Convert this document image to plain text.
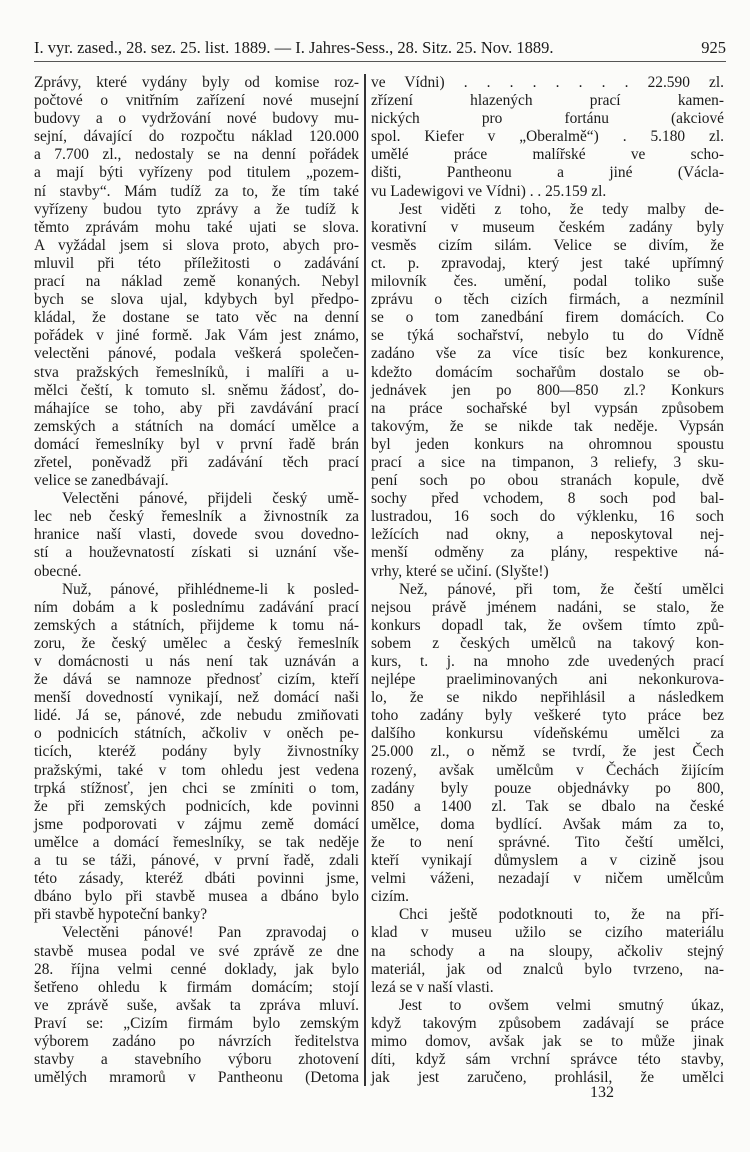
I. vyr. zased., 28. sez. 25. list. 1889. — I. Jahres-Sess., 28. Sitz. 25. Nov. 1889.	925
Zprávy, které vydány byly od komise roz-
počtové o vnitřním zařízení nové musejní
budovy a o vydržování nové budovy mu-
sejní, dávající do rozpočtu náklad 120.000
a 7.700 zl., nedostaly se na denní pořádek
a mají býti vyřízeny pod titulem „pozem-
ní stavby“. Mám tudíž za to, že tím také
vyřízeny budou tyto zprávy a že tudíž k
těmto zprávám mohu také ujati se slova.
A vyžádal jsem si slova proto, abych pro-
mluvil při této příležitosti o zadávání
prací na náklad země konaných. Nebyl
bych se slova ujal, kdybych byl předpo-
kládal, že dostane se tato věc na denní
pořádek v jiné formě. Jak Vám jest známo,
velectěni pánové, podala veškerá společen-
stva pražských řemeslníků, i malíři a u-
mělci čeští, k tomuto sl. sněmu žádosť, do-
máhajíce se toho, aby při zavdávání prací
zemských a státních na domácí umělce a
domácí řemeslníky byl v první řadě brán
zřetel, poněvadž při zadávání těch prací
velice se zanedbávají.
Velectěni pánové, přijdeli český umě-
lec neb český řemeslník a živnostník za
hranice naší vlasti, dovede svou dovedno-
stí a houževnatostí získati si uznání vše-
obecné.
Nuž, pánové, přihlédneme-li k posled-
ním dobám a k poslednímu zadávání prací
zemských a státních, přijdeme k tomu ná-
zoru, že český umělec a český řemeslník
v domácnosti u nás není tak uznáván a
že dává se namnoze přednosť cizím, kteří
menší dovedností vynikají, než domácí naši
lidé. Já se, pánové, zde nebudu zmiňovati
o podnicích státních, ačkoliv v oněch pe-
ticích, kteréž podány byly živnostníky
pražskými, také v tom ohledu jest vedena
trpká stížnosť, jen chci se zmíniti o tom,
že při zemských podnicích, kde povinni
jsme podporovati v zájmu země domácí
umělce a domácí řemeslníky, se tak neděje
a tu se táži, pánové, v první řadě, zdali
této zásady, kteréž dbáti povinni jsme,
dbáno bylo při stavbě musea a dbáno bylo
při stavbě hypoteční banky?
Velectěni pánové! Pan zpravodaj o
stavbě musea podal ve své zprávě ze dne
28. října velmi cenné doklady, jak bylo
šetřeno ohledu k firmám domácím; stojí
ve zprávě suše, avšak ta zpráva mluví.
Praví se: „Cizím firmám bylo zemským
výborem zadáno po návrzích ředitelstva
stavby a stavebního výboru zhotovení
umělých mramorů v Pantheonu (Detoma
ve Vídni) . . . . . . . . 22.590 zl.
zřízení hlazených prací kamen-
nických pro fortánu (akciové
spol. Kiefer v „Oberalmě“) . 5.180 zl.
umělé práce malířské ve scho-
dišti, Pantheonu a jiné (Václa-
vu Ladewigovi ve Vídni) . . 25.159 zl.
Jest viděti z toho, že tedy malby de-
korativní v museum českém zadány byly
vesměs cizím silám. Velice se divím, že
ct. p. zpravodaj, který jest také upřímný
milovník čes. umění, podal toliko suše
zprávu o těch cizích firmách, a nezmínil
se o tom zanedbání firem domácích. Co
se týká sochařství, nebylo tu do Vídně
zadáno vše za více tisíc bez konkurence,
kdežto domácím sochařům dostalo se ob-
jednávek jen po 800—850 zl.? Konkurs
na práce sochařské byl vypsán způsobem
takovým, že se nikde tak neděje. Vypsán
byl jeden konkurs na ohromnou spoustu
prací a sice na timpanon, 3 reliefy, 3 sku-
pení soch po obou stranách kopule, dvě
sochy před vchodem, 8 soch pod bal-
lustradou, 16 soch do výklenku, 16 soch
ležících nad okny, a neposkytoval nej-
menší odměny za plány, respektive ná-
vrhy, které se učiní. (Slyšte!)
Než, pánové, při tom, že čeští umělci
nejsou právě jménem nadáni, se stalo, že
konkurs dopadl tak, že ovšem tímto způ-
sobem z českých umělců na takový kon-
kurs, t. j. na mnoho zde uvedených prací
nejlépe praeliminovaných ani nekonkurova-
lo, že se nikdo nepřihlásil a následkem
toho zadány byly veškeré tyto práce bez
dalšího konkursu vídeňskému umělci za
25.000 zl., o němž se tvrdí, že jest Čech
rozený, avšak umělcům v Čechách žijícím
zadány byly pouze objednávky po 800,
850 a 1400 zl. Tak se dbalo na české
umělce, doma bydlící. Avšak mám za to,
že to není správné. Tito čeští umělci,
kteří vynikají důmyslem a v cizině jsou
velmi váženi, nezadají v ničem umělcům
cizím.
Chci ještě podotknouti to, že na pří-
klad v museu užilo se cizího materiálu
na schody a na sloupy, ačkoliv stejný
materiál, jak od znalců bylo tvrzeno, na-
lezá se v naší vlasti.
Jest to ovšem velmi smutný úkaz,
když takovým způsobem zadávají se práce
mimo domov, avšak jak se to může jinak
díti, když sám vrchní správce této stavby,
jak jest zaručeno, prohlásil, že umělci
132
